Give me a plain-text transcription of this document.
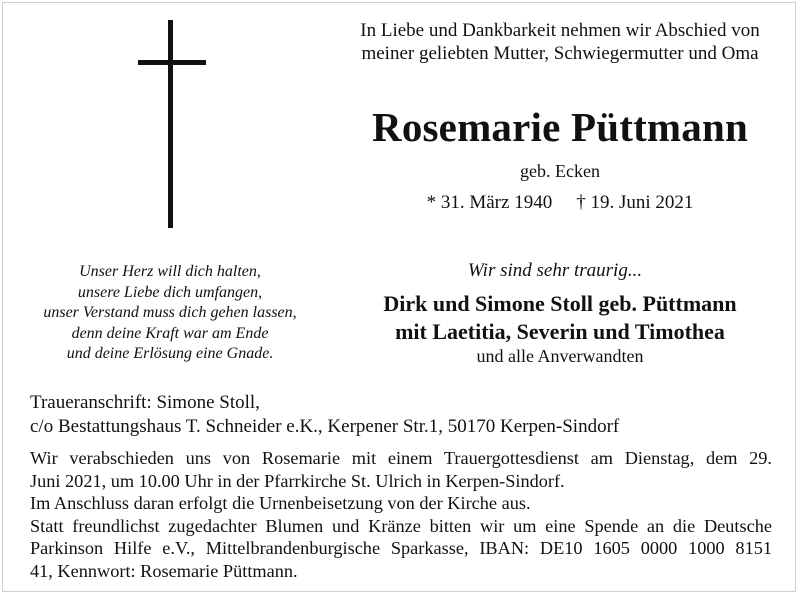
In Liebe und Dankbarkeit nehmen wir Abschied von
meiner geliebten Mutter, Schwiegermutter und Oma
Rosemarie Püttmann
geb. Ecken
* 31. März 1940 † 19. Juni 2021
Unser Herz will dich halten,
unsere Liebe dich umfangen,
unser Verstand muss dich gehen lassen,
denn deine Kraft war am Ende
und deine Erlösung eine Gnade.
Wir sind sehr traurig...
Dirk und Simone Stoll geb. Püttmann
mit Laetitia, Severin und Timothea
und alle Anverwandten
Traueranschrift: Simone Stoll,
c/o Bestattungshaus T. Schneider e.K., Kerpener Str.1, 50170 Kerpen-Sindorf
Wir verabschieden uns von Rosemarie mit einem Trauergottesdienst am Dienstag, dem 29.
Juni 2021, um 10.00 Uhr in der Pfarrkirche St. Ulrich in Kerpen-Sindorf.
Im Anschluss daran erfolgt die Urnenbeisetzung von der Kirche aus.
Statt freundlichst zugedachter Blumen und Kränze bitten wir um eine Spende an die Deutsche
Parkinson Hilfe e.V., Mittelbrandenburgische Sparkasse, IBAN: DE10 1605 0000 1000 8151
41, Kennwort: Rosemarie Püttmann.
